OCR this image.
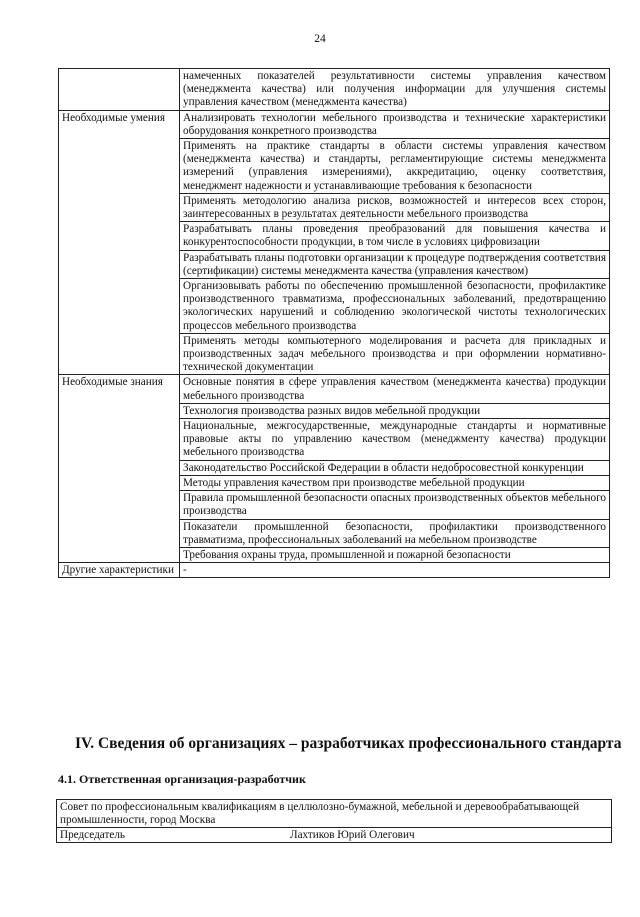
24
	намеченных показателей результативности системы управления качеством (менеджмента качества) или получения информации для улучшения системы управления качеством (менеджмента качества)
Необходимые умения	Анализировать технологии мебельного производства и технические характеристики оборудования конкретного производства
	Применять на практике стандарты в области системы управления качеством (менеджмента качества) и стандарты, регламентирующие системы менеджмента измерений (управления измерениями), аккредитацию, оценку соответствия, менеджмент надежности и устанавливающие требования к безопасности
	Применять методологию анализа рисков, возможностей и интересов всех сторон, заинтересованных в результатах деятельности мебельного производства
	Разрабатывать планы проведения преобразований для повышения качества и конкурентоспособности продукции, в том числе в условиях цифровизации
	Разрабатывать планы подготовки организации к процедуре подтверждения соответствия (сертификации) системы менеджмента качества (управления качеством)
	Организовывать работы по обеспечению промышленной безопасности, профилактике производственного травматизма, профессиональных заболеваний, предотвращению экологических нарушений и соблюдению экологической чистоты технологических процессов мебельного производства
	Применять методы компьютерного моделирования и расчета для прикладных и производственных задач мебельного производства и при оформлении нормативно-технической документации
Необходимые знания	Основные понятия в сфере управления качеством (менеджмента качества) продукции мебельного производства
	Технология производства разных видов мебельной продукции
	Национальные, межгосударственные, международные стандарты и нормативные правовые акты по управлению качеством (менеджменту качества) продукции мебельного производства
	Законодательство Российской Федерации в области недобросовестной конкуренции
	Методы управления качеством при производстве мебельной продукции
	Правила промышленной безопасности опасных производственных объектов мебельного производства
	Показатели промышленной безопасности, профилактики производственного травматизма, профессиональных заболеваний на мебельном производстве
	Требования охраны труда, промышленной и пожарной безопасности
Другие характеристики	-
IV. Сведения об организациях – разработчиках профессионального стандарта
4.1. Ответственная организация-разработчик
Совет по профессиональным квалификациям в целлюлозно-бумажной, мебельной и деревообрабатывающей промышленности, город Москва

Председатель	Лахтиков Юрий Олегович
